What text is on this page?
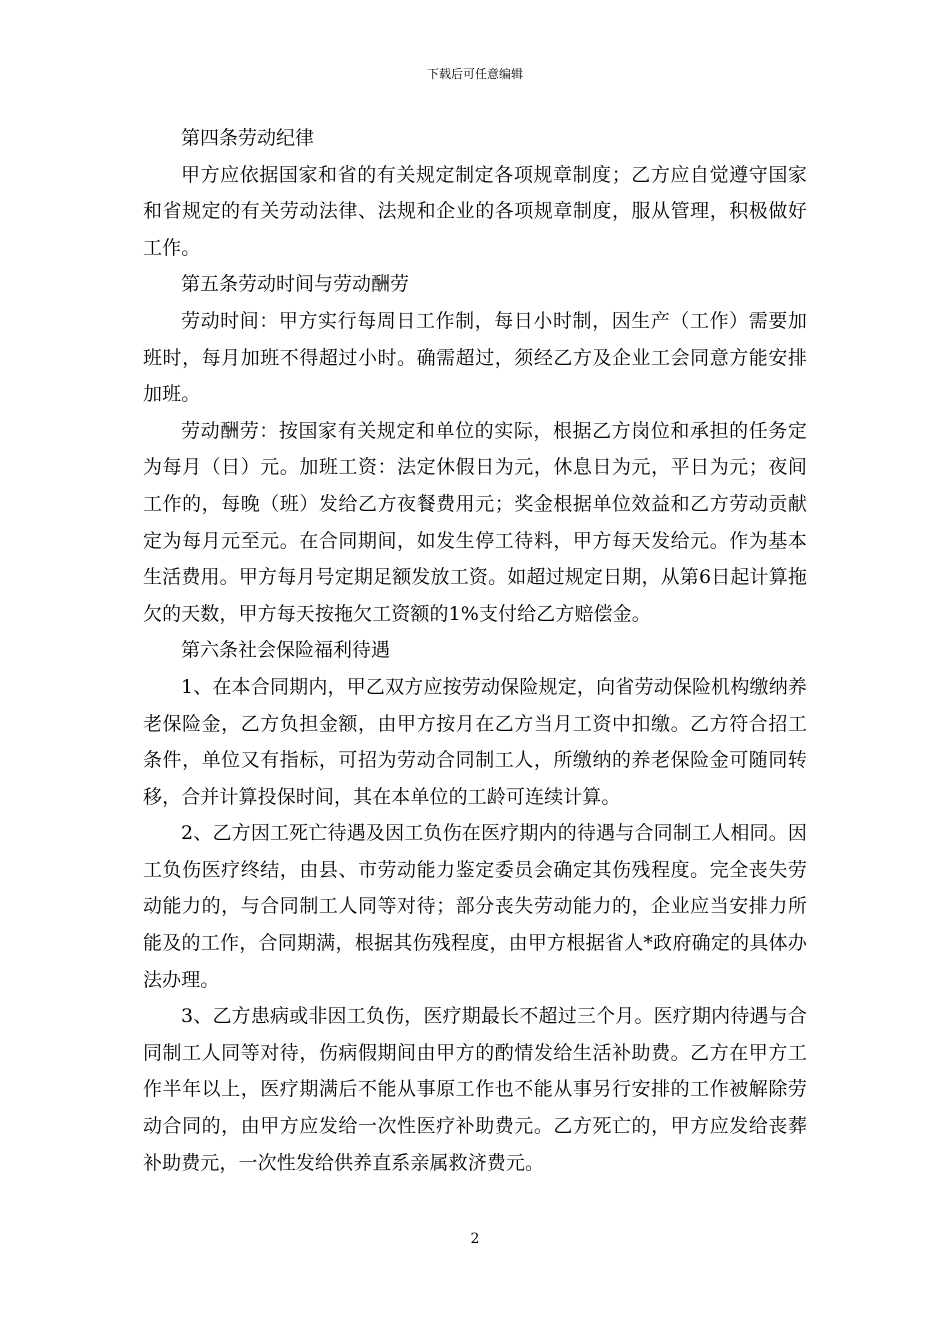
下载后可任意编辑

第四条劳动纪律

甲方应依据国家和省的有关规定制定各项规章制度；乙方应自觉遵守国家和省规定的有关劳动法律、法规和企业的各项规章制度，服从管理，积极做好工作。

第五条劳动时间与劳动酬劳

劳动时间：甲方实行每周日工作制，每日小时制，因生产（工作）需要加班时，每月加班不得超过小时。确需超过，须经乙方及企业工会同意方能安排加班。

劳动酬劳：按国家有关规定和单位的实际，根据乙方岗位和承担的任务定为每月（日）元。加班工资：法定休假日为元，休息日为元，平日为元；夜间工作的，每晚（班）发给乙方夜餐费用元；奖金根据单位效益和乙方劳动贡献定为每月元至元。在合同期间，如发生停工待料，甲方每天发给元。作为基本生活费用。甲方每月号定期足额发放工资。如超过规定日期，从第6日起计算拖欠的天数，甲方每天按拖欠工资额的1%支付给乙方赔偿金。

第六条社会保险福利待遇

1、在本合同期内，甲乙双方应按劳动保险规定，向省劳动保险机构缴纳养老保险金，乙方负担金额，由甲方按月在乙方当月工资中扣缴。乙方符合招工条件，单位又有指标，可招为劳动合同制工人，所缴纳的养老保险金可随同转移，合并计算投保时间，其在本单位的工龄可连续计算。

2、乙方因工死亡待遇及因工负伤在医疗期内的待遇与合同制工人相同。因工负伤医疗终结，由县、市劳动能力鉴定委员会确定其伤残程度。完全丧失劳动能力的，与合同制工人同等对待；部分丧失劳动能力的，企业应当安排力所能及的工作，合同期满，根据其伤残程度，由甲方根据省人*政府确定的具体办法办理。

3、乙方患病或非因工负伤，医疗期最长不超过三个月。医疗期内待遇与合同制工人同等对待，伤病假期间由甲方的酌情发给生活补助费。乙方在甲方工作半年以上，医疗期满后不能从事原工作也不能从事另行安排的工作被解除劳动合同的，由甲方应发给一次性医疗补助费元。乙方死亡的，甲方应发给丧葬补助费元，一次性发给供养直系亲属救济费元。

2
